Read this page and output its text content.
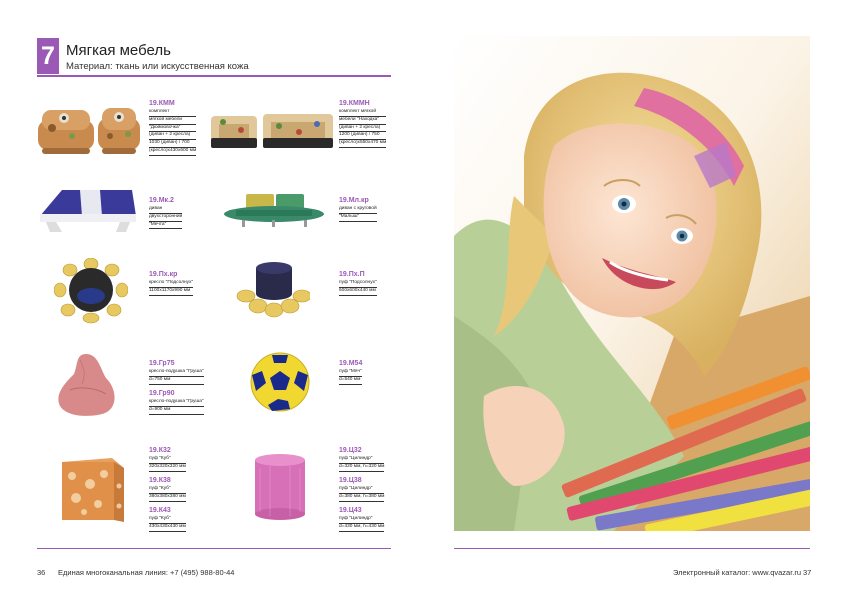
7 Мягкая мебель
Материал: ткань или искусственная кожа
19.КММ
комплект
мягкой мебели
"Дюймовочка"
(диван + 2 кресла)
1030 (диван) / 700
(кресло)х430х600 мм
19.КММН
комплект мягкой
мебели "Находка"
(диван + 2 кресла)
1200 (диван) / 750
(кресло)х550х470 мм
19.Мк.2
диван
двухсторонний
"Мечта"
19.Мл.кр
диван с круговой
"Малыш"
19.Пх.кр
кресло "Подсолнух"
1100х1170х990 мм
19.Пх.П
пуф "Подсолнух"
600х600х440 мм
19.Гр75
кресло-подушка "Груша"
d=750 мм
19.Гр90
кресло-подушка "Груша"
d=900 мм
19.М54
пуф "Мяч"
d=540 мм
19.К32
пуф "Куб"
320х320х320 мм
19.К38
пуф "Куб"
380х380х380 мм
19.К43
пуф "Куб"
430х430х430 мм
19.Ц32
пуф "Цилиндр"
d=320 мм, h=320 мм
19.Ц38
пуф "Цилиндр"
d=380 мм, h=380 мм
19.Ц43
пуф "Цилиндр"
d=430 мм, h=430 мм
36 Единая многоканальная линия: +7 (495) 988-80-44	Электронный каталог: www.qvazar.ru 37
